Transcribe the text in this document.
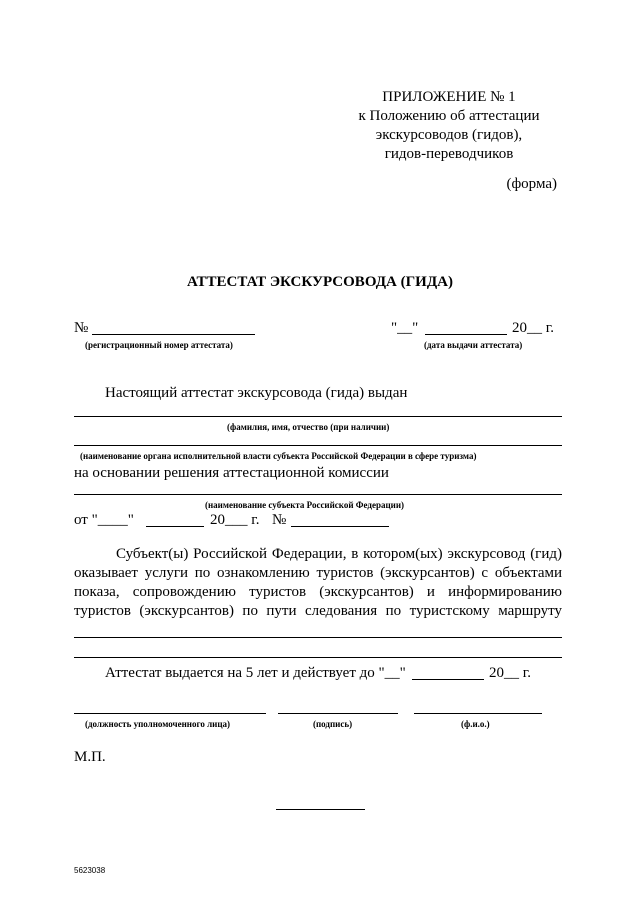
ПРИЛОЖЕНИЕ № 1
к Положению об аттестации
экскурсоводов (гидов),
гидов-переводчиков
(форма)
АТТЕСТАТ ЭКСКУРСОВОДА (ГИДА)
№
(регистрационный номер аттестата)
"__"	20__ г.
(дата выдачи аттестата)
Настоящий аттестат экскурсовода (гида) выдан
(фамилия, имя, отчество (при наличии)
(наименование органа исполнительной власти субъекта Российской Федерации в сфере туризма)
на основании решения аттестационной комиссии
(наименование субъекта Российской Федерации)
от "____"	20___ г. №
Субъект(ы) Российской Федерации, в котором(ых) экскурсовод (гид)
оказывает услуги по ознакомлению туристов (экскурсантов) с объектами
показа, сопровождению туристов (экскурсантов) и информированию
туристов (экскурсантов) по пути следования по туристскому маршруту
Аттестат выдается на 5 лет и действует до "__"	20__ г.
(должность уполномоченного лица)	(подпись)	(ф.и.о.)
М.П.
5623038
